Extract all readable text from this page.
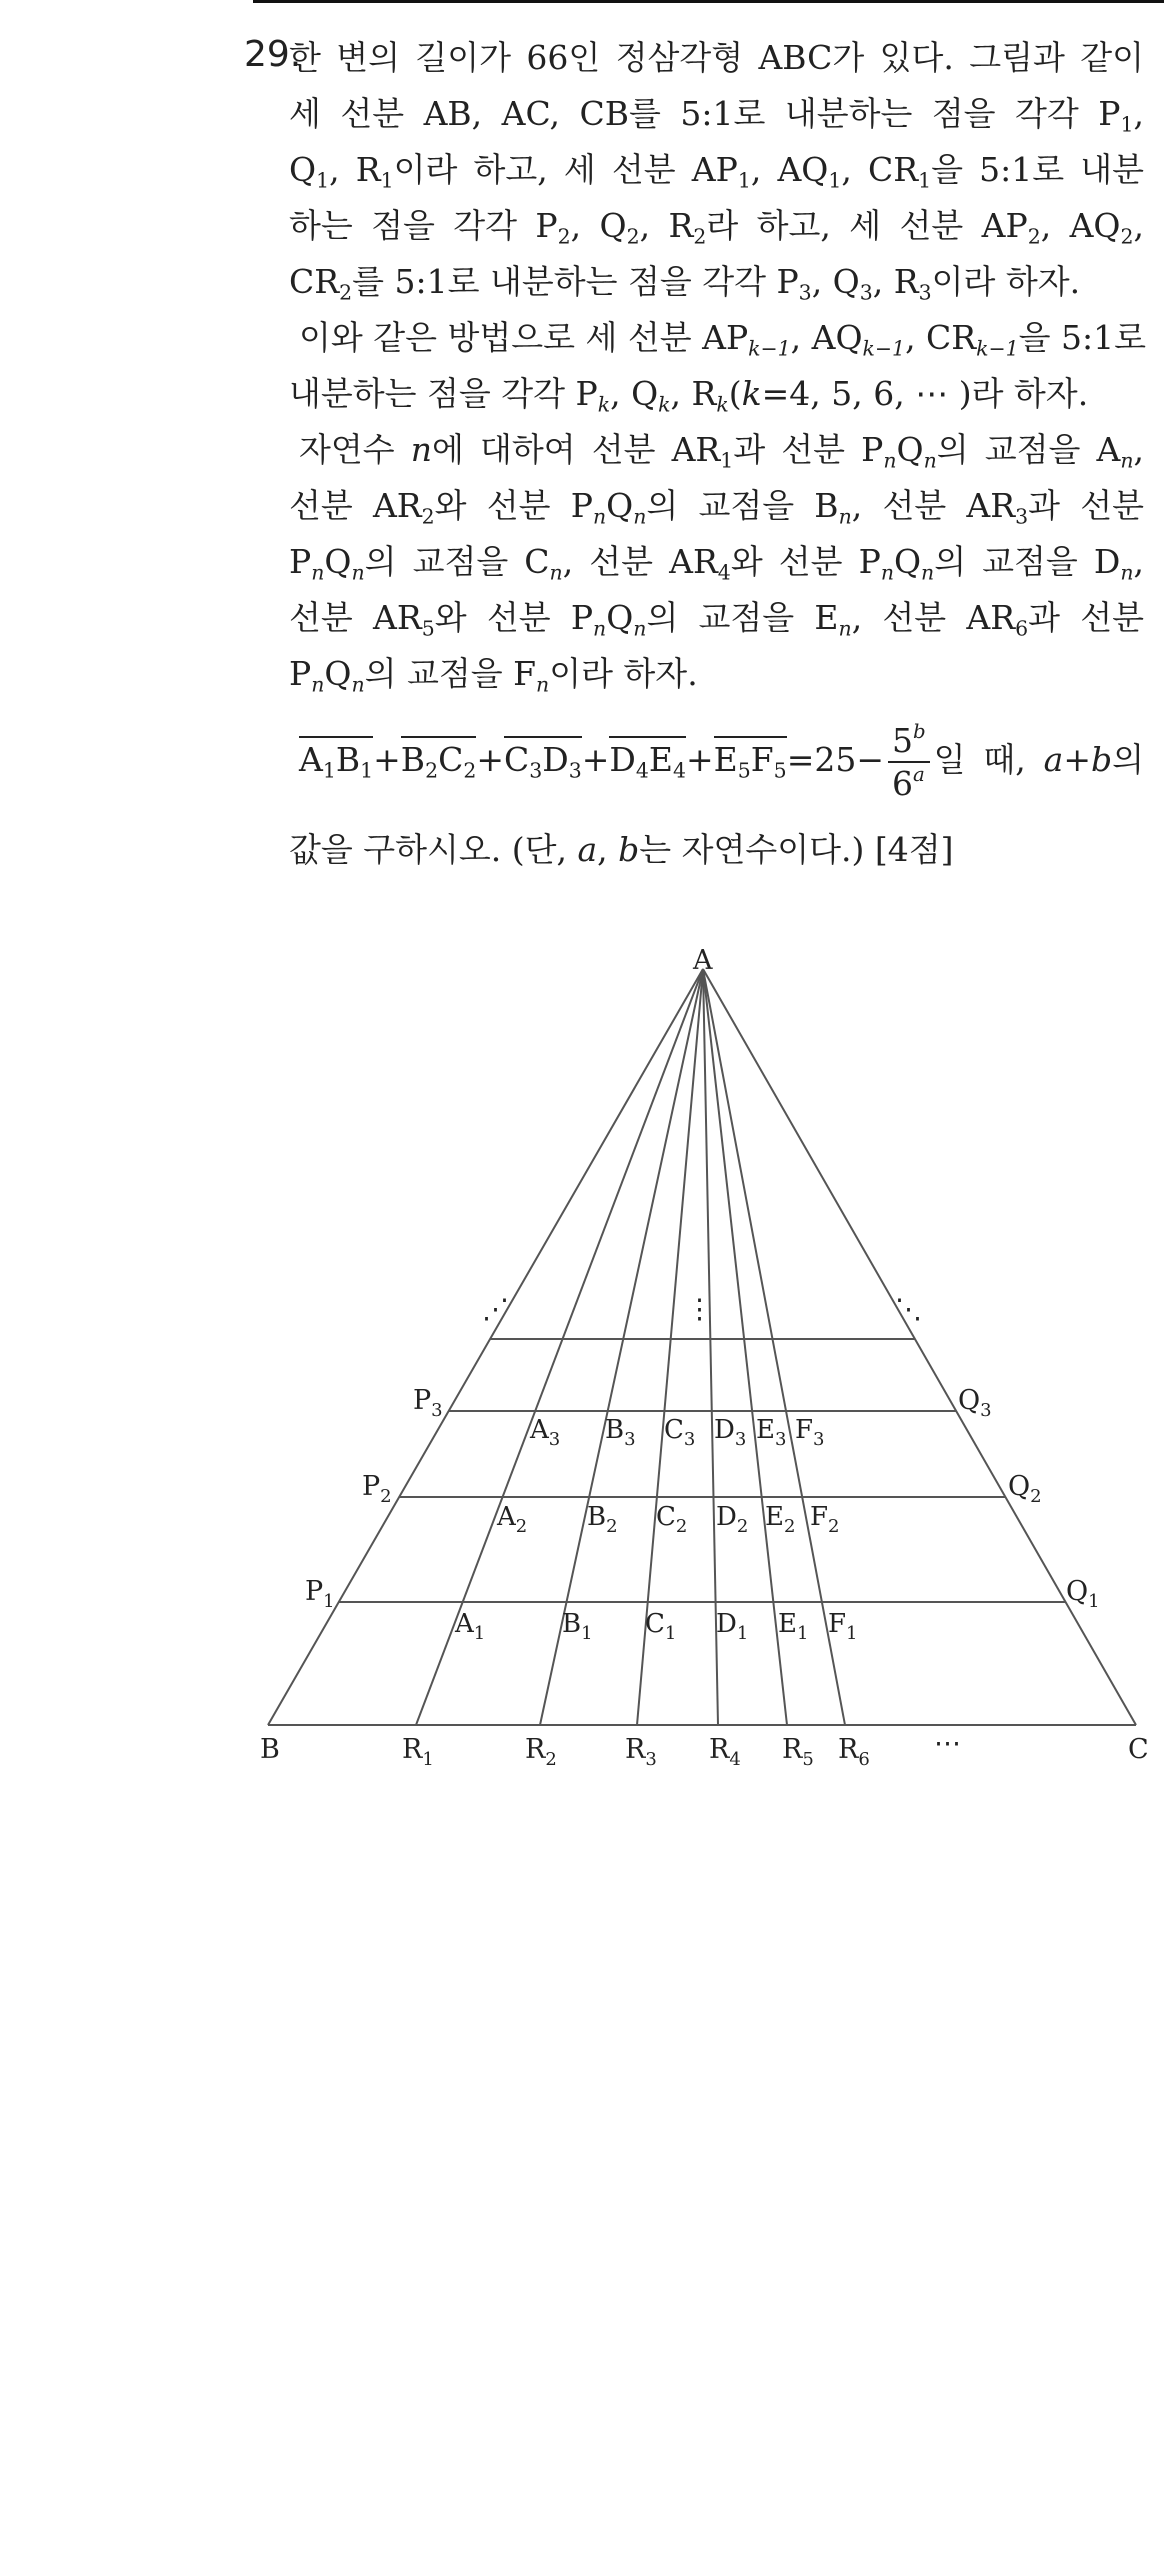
29.
한 변의 길이가 66인 정삼각형 ABC가 있다. 그림과 같이
세 선분 AB, AC, CB를 5:1로 내분하는 점을 각각 $P_1$,
$Q_1$, $R_1$이라 하고, 세 선분 $AP_1$, $AQ_1$, $CR_1$을 5:1로 내분
하는 점을 각각 $P_2$, $Q_2$, $R_2$라 하고, 세 선분 $AP_2$, $AQ_2$,
$CR_2$를 5:1로 내분하는 점을 각각 $P_3$, $Q_3$, $R_3$이라 하자.
이와 같은 방법으로 세 선분 $AP_{k-1}$, $AQ_{k-1}$, $CR_{k-1}$을 5:1로
내분하는 점을 각각 $P_k$, $Q_k$, $R_k(k=4$, 5, 6, ⋯ )라 하자.
자연수 n에 대하여 선분 $AR_1$과 선분 $P_nQ_n$의 교점을 $A_n$,
선분 $AR_2$와 선분 $P_nQ_n$의 교점을 $B_n$, 선분 $AR_3$과 선분
$P_nQ_n$의 교점을 $C_n$, 선분 $AR_4$와 선분 $P_nQ_n$의 교점을 $D_n$,
선분 $AR_5$와 선분 $P_nQ_n$의 교점을 $E_n$, 선분 $AR_6$과 선분
$P_nQ_n$의 교점을 $F_n$이라 하자.
$A_1B_1+B_2C_2+C_3D_3+D_4E_4+E_5F_5=25- \frac{5^b}{6^a}$ 일 때, a+b의
값을 구하시오. (단, a, b는 자연수이다.) [4점]
A
B	C
$P_1$
$P_2$
$P_3$
$Q_1$
$Q_2$
$Q_3$
$R_1$	$R_2$	$R_3$ $R_4$ $R_5$ $R_6$
⋯
$A_1$	$B_1$ $C_1$ $D_1$ $E_1$ $F_1$
$A_2$ $B_2$ $C_2$ $D_2$ $E_2$ $F_2$
$A_3$ $B_3$ $C_3$ $D_3$ $E_3$ $F_3$
⋰	⋮	⋱
